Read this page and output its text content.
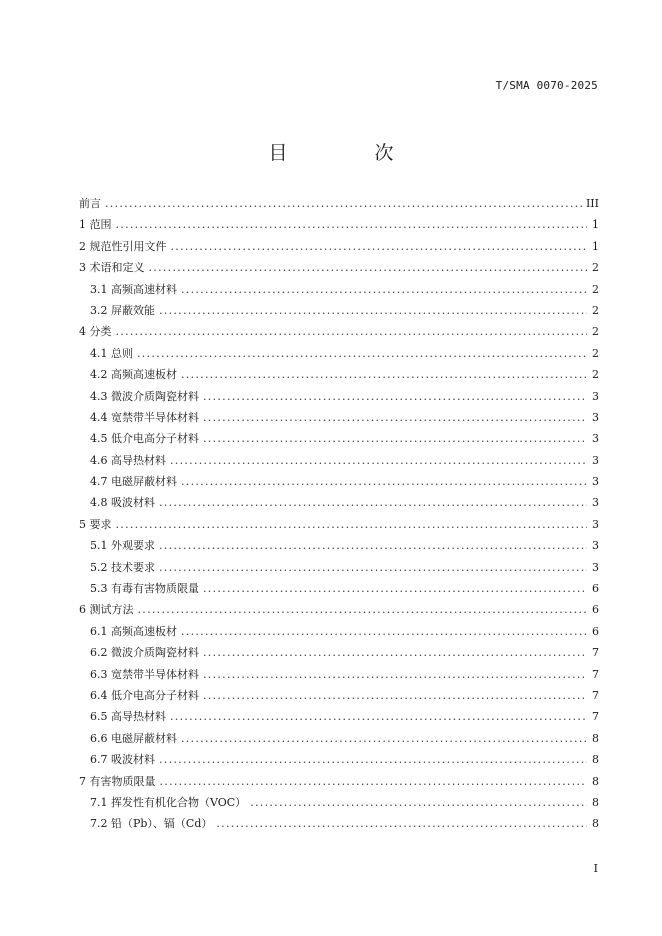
T/SMA 0070-2025
目　次
前言 . . .	III
1 范围 . . .	1
2 规范性引用文件 . . .	1
3 术语和定义 . . .	2
3.1 高频高速材料 . . .	2
3.2 屏蔽效能 . . .	2
4 分类 . . .	2
4.1 总则 . . .	2
4.2 高频高速板材 . . .	2
4.3 微波介质陶瓷材料 . . .	3
4.4 宽禁带半导体材料 . . .	3
4.5 低介电高分子材料 . . .	3
4.6 高导热材料 . . .	3
4.7 电磁屏蔽材料 . . .	3
4.8 吸波材料 . . .	3
5 要求 . . .	3
5.1 外观要求 . . .	3
5.2 技术要求 . . .	3
5.3 有毒有害物质限量 . . .	6
6 测试方法 . . .	6
6.1 高频高速板材 . . .	6
6.2 微波介质陶瓷材料 . . .	7
6.3 宽禁带半导体材料 . . .	7
6.4 低介电高分子材料 . . .	7
6.5 高导热材料 . . .	7
6.6 电磁屏蔽材料 . . .	8
6.7 吸波材料 . . .	8
7 有害物质限量 . . .	8
7.1 挥发性有机化合物（VOC） . . .	8
7.2 铅（Pb）、镉（Cd） . . .	8
I
